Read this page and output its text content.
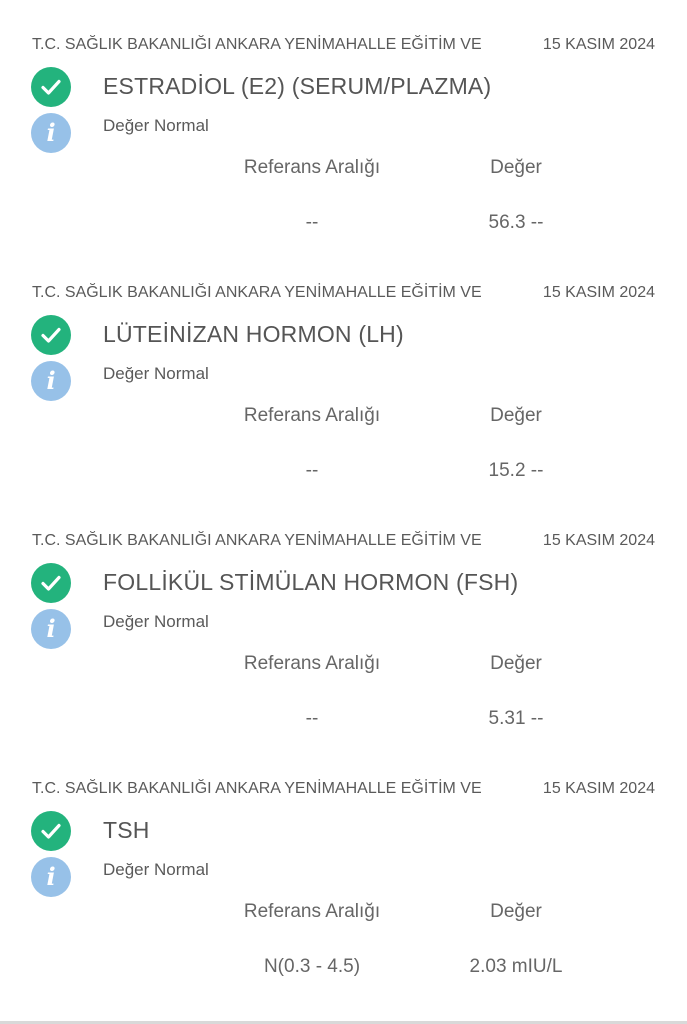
T.C. SAĞLIK BAKANLIĞI ANKARA YENİMAHALLE EĞİTİM VE	15 KASIM 2024
ESTRADİOL (E2) (SERUM/PLAZMA)
i	Değer Normal
Referans Aralığı	Değer
--	56.3 --
T.C. SAĞLIK BAKANLIĞI ANKARA YENİMAHALLE EĞİTİM VE	15 KASIM 2024
LÜTEİNİZAN HORMON (LH)
i	Değer Normal
Referans Aralığı	Değer
--	15.2 --
T.C. SAĞLIK BAKANLIĞI ANKARA YENİMAHALLE EĞİTİM VE	15 KASIM 2024
FOLLİKÜL STİMÜLAN HORMON (FSH)
i	Değer Normal
Referans Aralığı	Değer
--	5.31 --
T.C. SAĞLIK BAKANLIĞI ANKARA YENİMAHALLE EĞİTİM VE	15 KASIM 2024
TSH
i	Değer Normal
Referans Aralığı	Değer
N(0.3 - 4.5)	2.03 mIU/L
